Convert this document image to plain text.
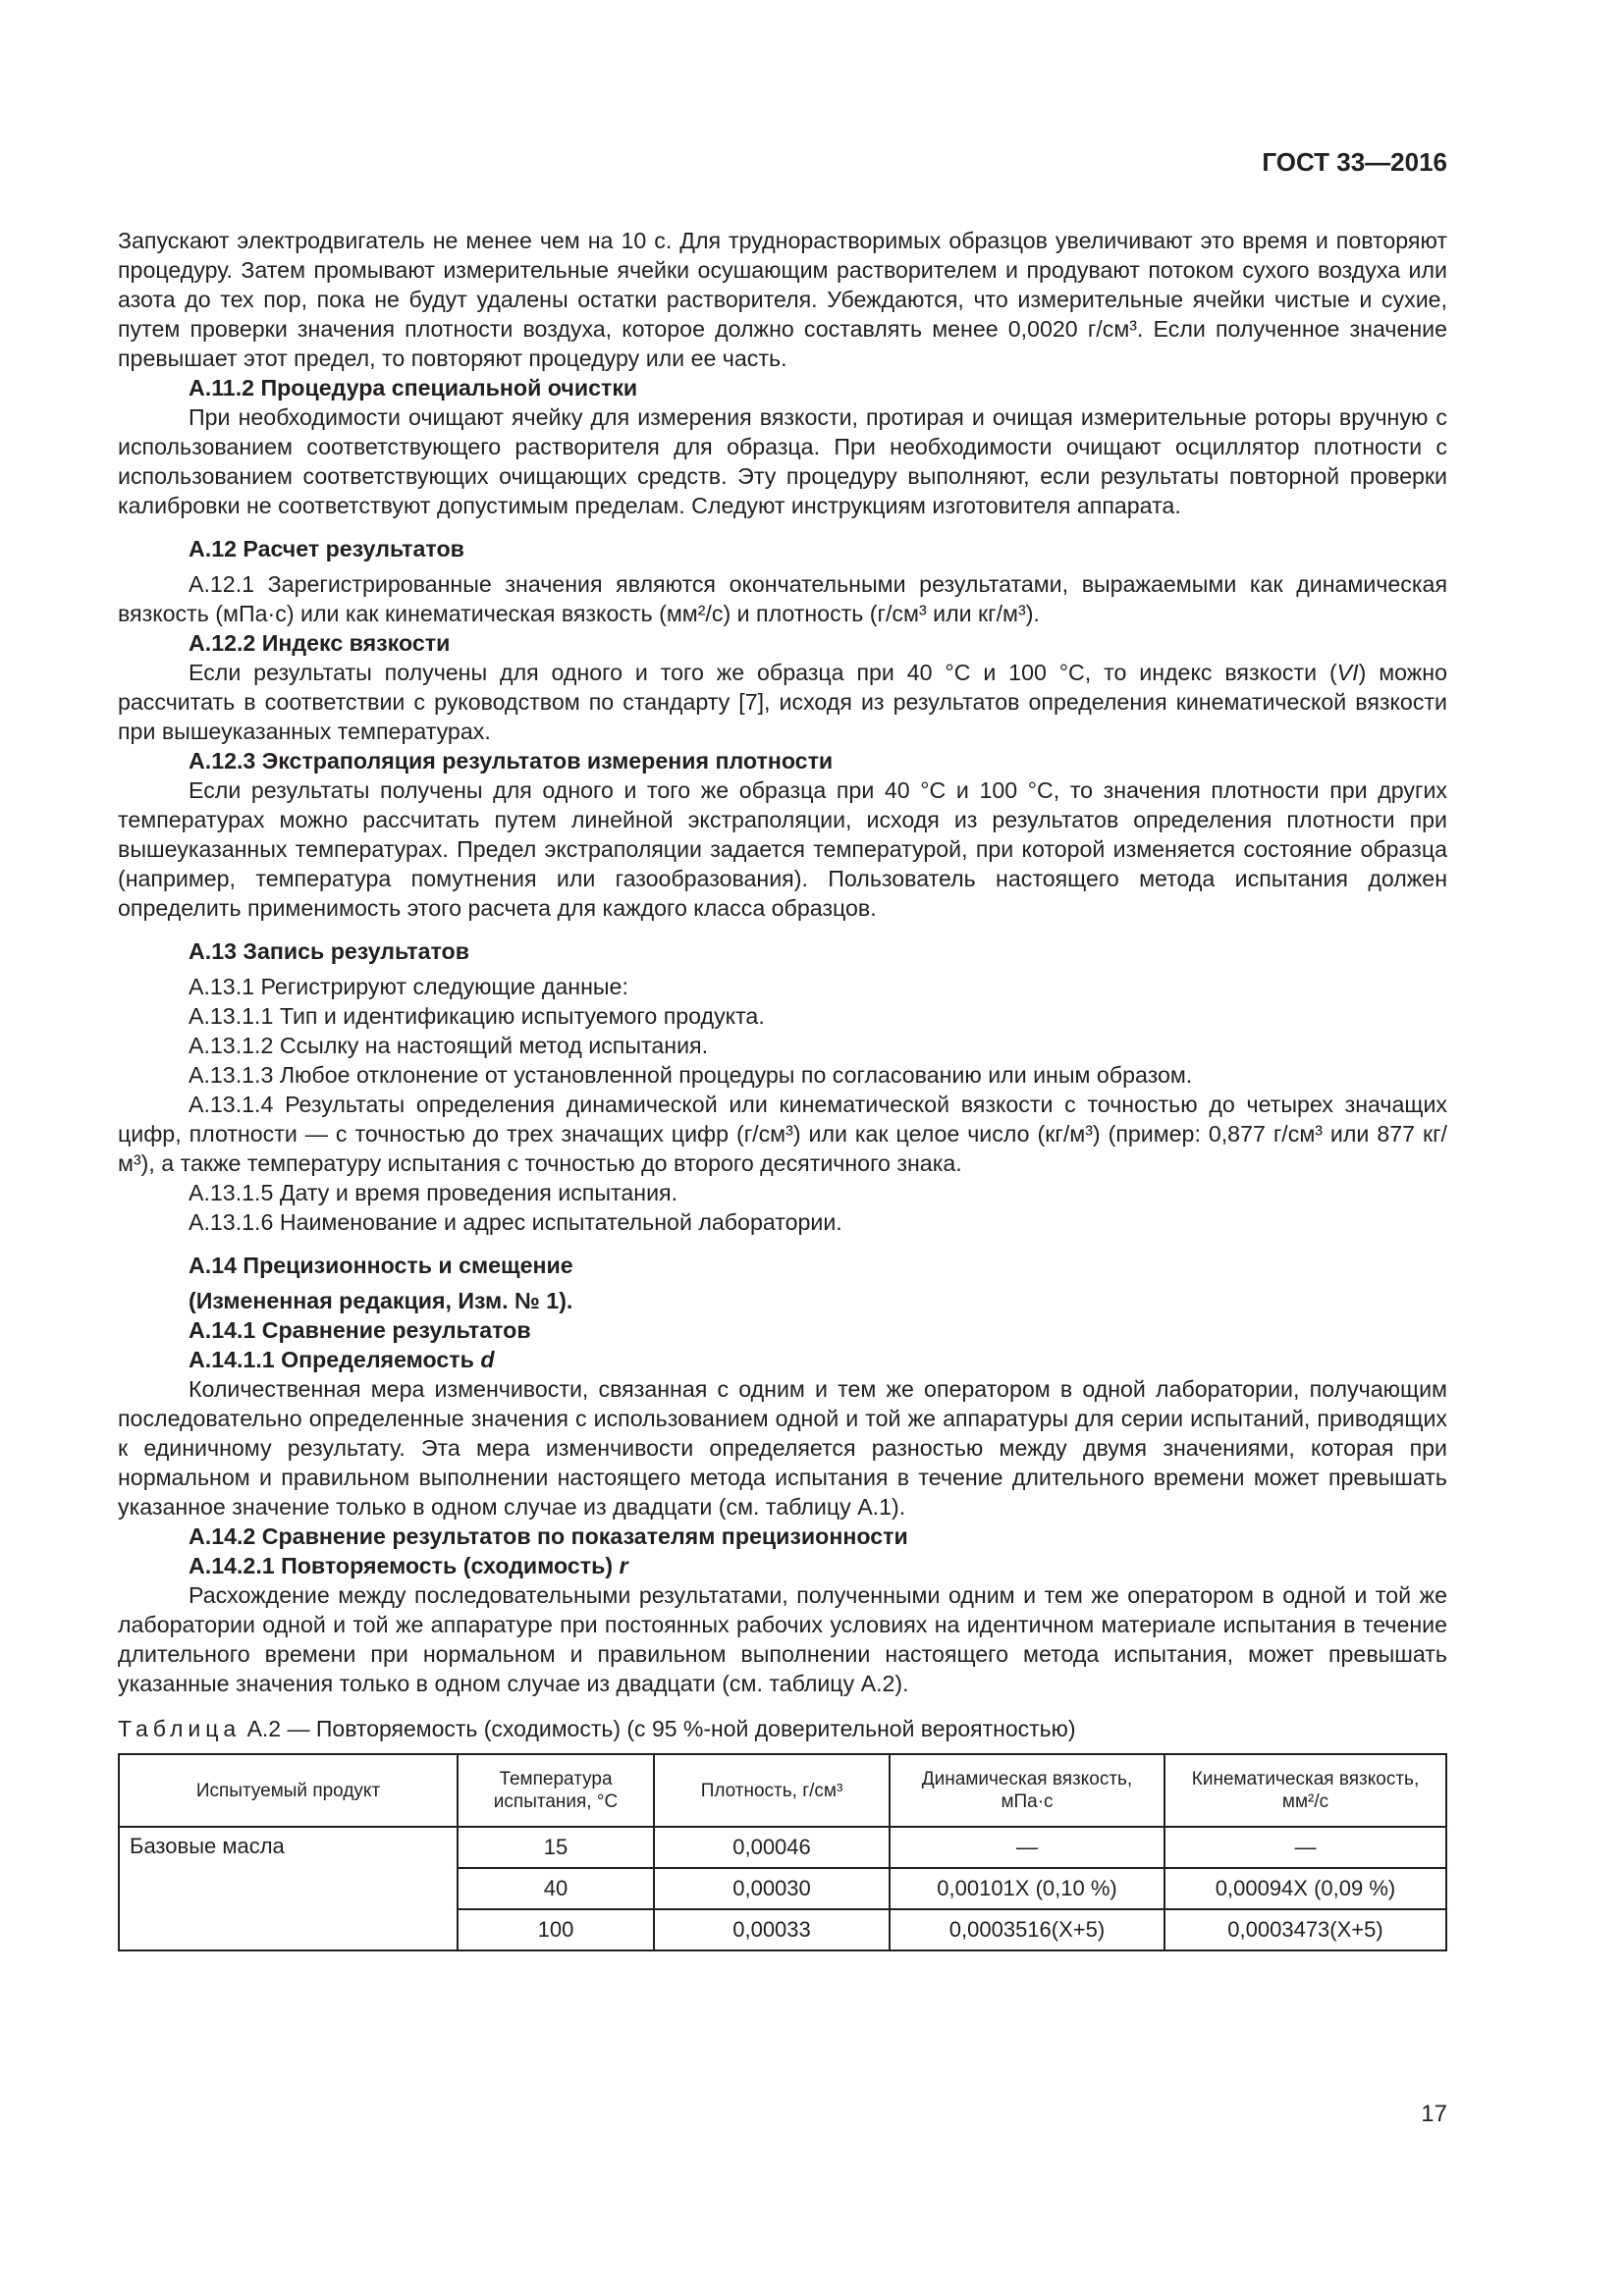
ГОСТ 33—2016

Запускают электродвигатель не менее чем на 10 с. Для труднорастворимых образцов увеличивают это время и повторяют процедуру. Затем промывают измерительные ячейки осушающим растворителем и продувают потоком сухого воздуха или азота до тех пор, пока не будут удалены остатки растворителя. Убеждаются, что измерительные ячейки чистые и сухие, путем проверки значения плотности воздуха, которое должно составлять менее 0,0020 г/см³. Если полученное значение превышает этот предел, то повторяют процедуру или ее часть.

А.11.2 Процедура специальной очистки

При необходимости очищают ячейку для измерения вязкости, протирая и очищая измерительные роторы вручную с использованием соответствующего растворителя для образца. При необходимости очищают осциллятор плотности с использованием соответствующих очищающих средств. Эту процедуру выполняют, если результаты повторной проверки калибровки не соответствуют допустимым пределам. Следуют инструкциям изготовителя аппарата.

А.12 Расчет результатов

А.12.1 Зарегистрированные значения являются окончательными результатами, выражаемыми как динамическая вязкость (мПа·с) или как кинематическая вязкость (мм²/с) и плотность (г/см³ или кг/м³).

А.12.2 Индекс вязкости

Если результаты получены для одного и того же образца при 40 °С и 100 °С, то индекс вязкости (VI) можно рассчитать в соответствии с руководством по стандарту [7], исходя из результатов определения кинематической вязкости при вышеуказанных температурах.

А.12.3 Экстраполяция результатов измерения плотности

Если результаты получены для одного и того же образца при 40 °С и 100 °С, то значения плотности при других температурах можно рассчитать путем линейной экстраполяции, исходя из результатов определения плотности при вышеуказанных температурах. Предел экстраполяции задается температурой, при которой изменяется состояние образца (например, температура помутнения или газообразования). Пользователь настоящего метода испытания должен определить применимость этого расчета для каждого класса образцов.

А.13 Запись результатов

А.13.1 Регистрируют следующие данные:

А.13.1.1 Тип и идентификацию испытуемого продукта.

А.13.1.2 Ссылку на настоящий метод испытания.

А.13.1.3 Любое отклонение от установленной процедуры по согласованию или иным образом.

А.13.1.4 Результаты определения динамической или кинематической вязкости с точностью до четырех значащих цифр, плотности — с точностью до трех значащих цифр (г/см³) или как целое число (кг/м³) (пример: 0,877 г/см³ или 877 кг/м³), а также температуру испытания с точностью до второго десятичного знака.

А.13.1.5 Дату и время проведения испытания.

А.13.1.6 Наименование и адрес испытательной лаборатории.

А.14 Прецизионность и смещение

(Измененная редакция, Изм. № 1).

А.14.1 Сравнение результатов

А.14.1.1 Определяемость d

Количественная мера изменчивости, связанная с одним и тем же оператором в одной лаборатории, получающим последовательно определенные значения с использованием одной и той же аппаратуры для серии испытаний, приводящих к единичному результату. Эта мера изменчивости определяется разностью между двумя значениями, которая при нормальном и правильном выполнении настоящего метода испытания в течение длительного времени может превышать указанное значение только в одном случае из двадцати (см. таблицу А.1).

А.14.2 Сравнение результатов по показателям прецизионности

А.14.2.1 Повторяемость (сходимость) r

Расхождение между последовательными результатами, полученными одним и тем же оператором в одной и той же лаборатории одной и той же аппаратуре при постоянных рабочих условиях на идентичном материале испытания в течение длительного времени при нормальном и правильном выполнении настоящего метода испытания, может превышать указанные значения только в одном случае из двадцати (см. таблицу А.2).

Таблица А.2 — Повторяемость (сходимость) (с 95 %-ной доверительной вероятностью)
Испытуемый продукт	Температура испытания, °С	Плотность, г/см³	Динамическая вязкость, мПа·с	Кинематическая вязкость, мм²/с
Базовые масла	15	0,00046	—	—
	40	0,00030	0,00101X (0,10 %)	0,00094X (0,09 %)
	100	0,00033	0,0003516(X+5)	0,0003473(X+5)
17
